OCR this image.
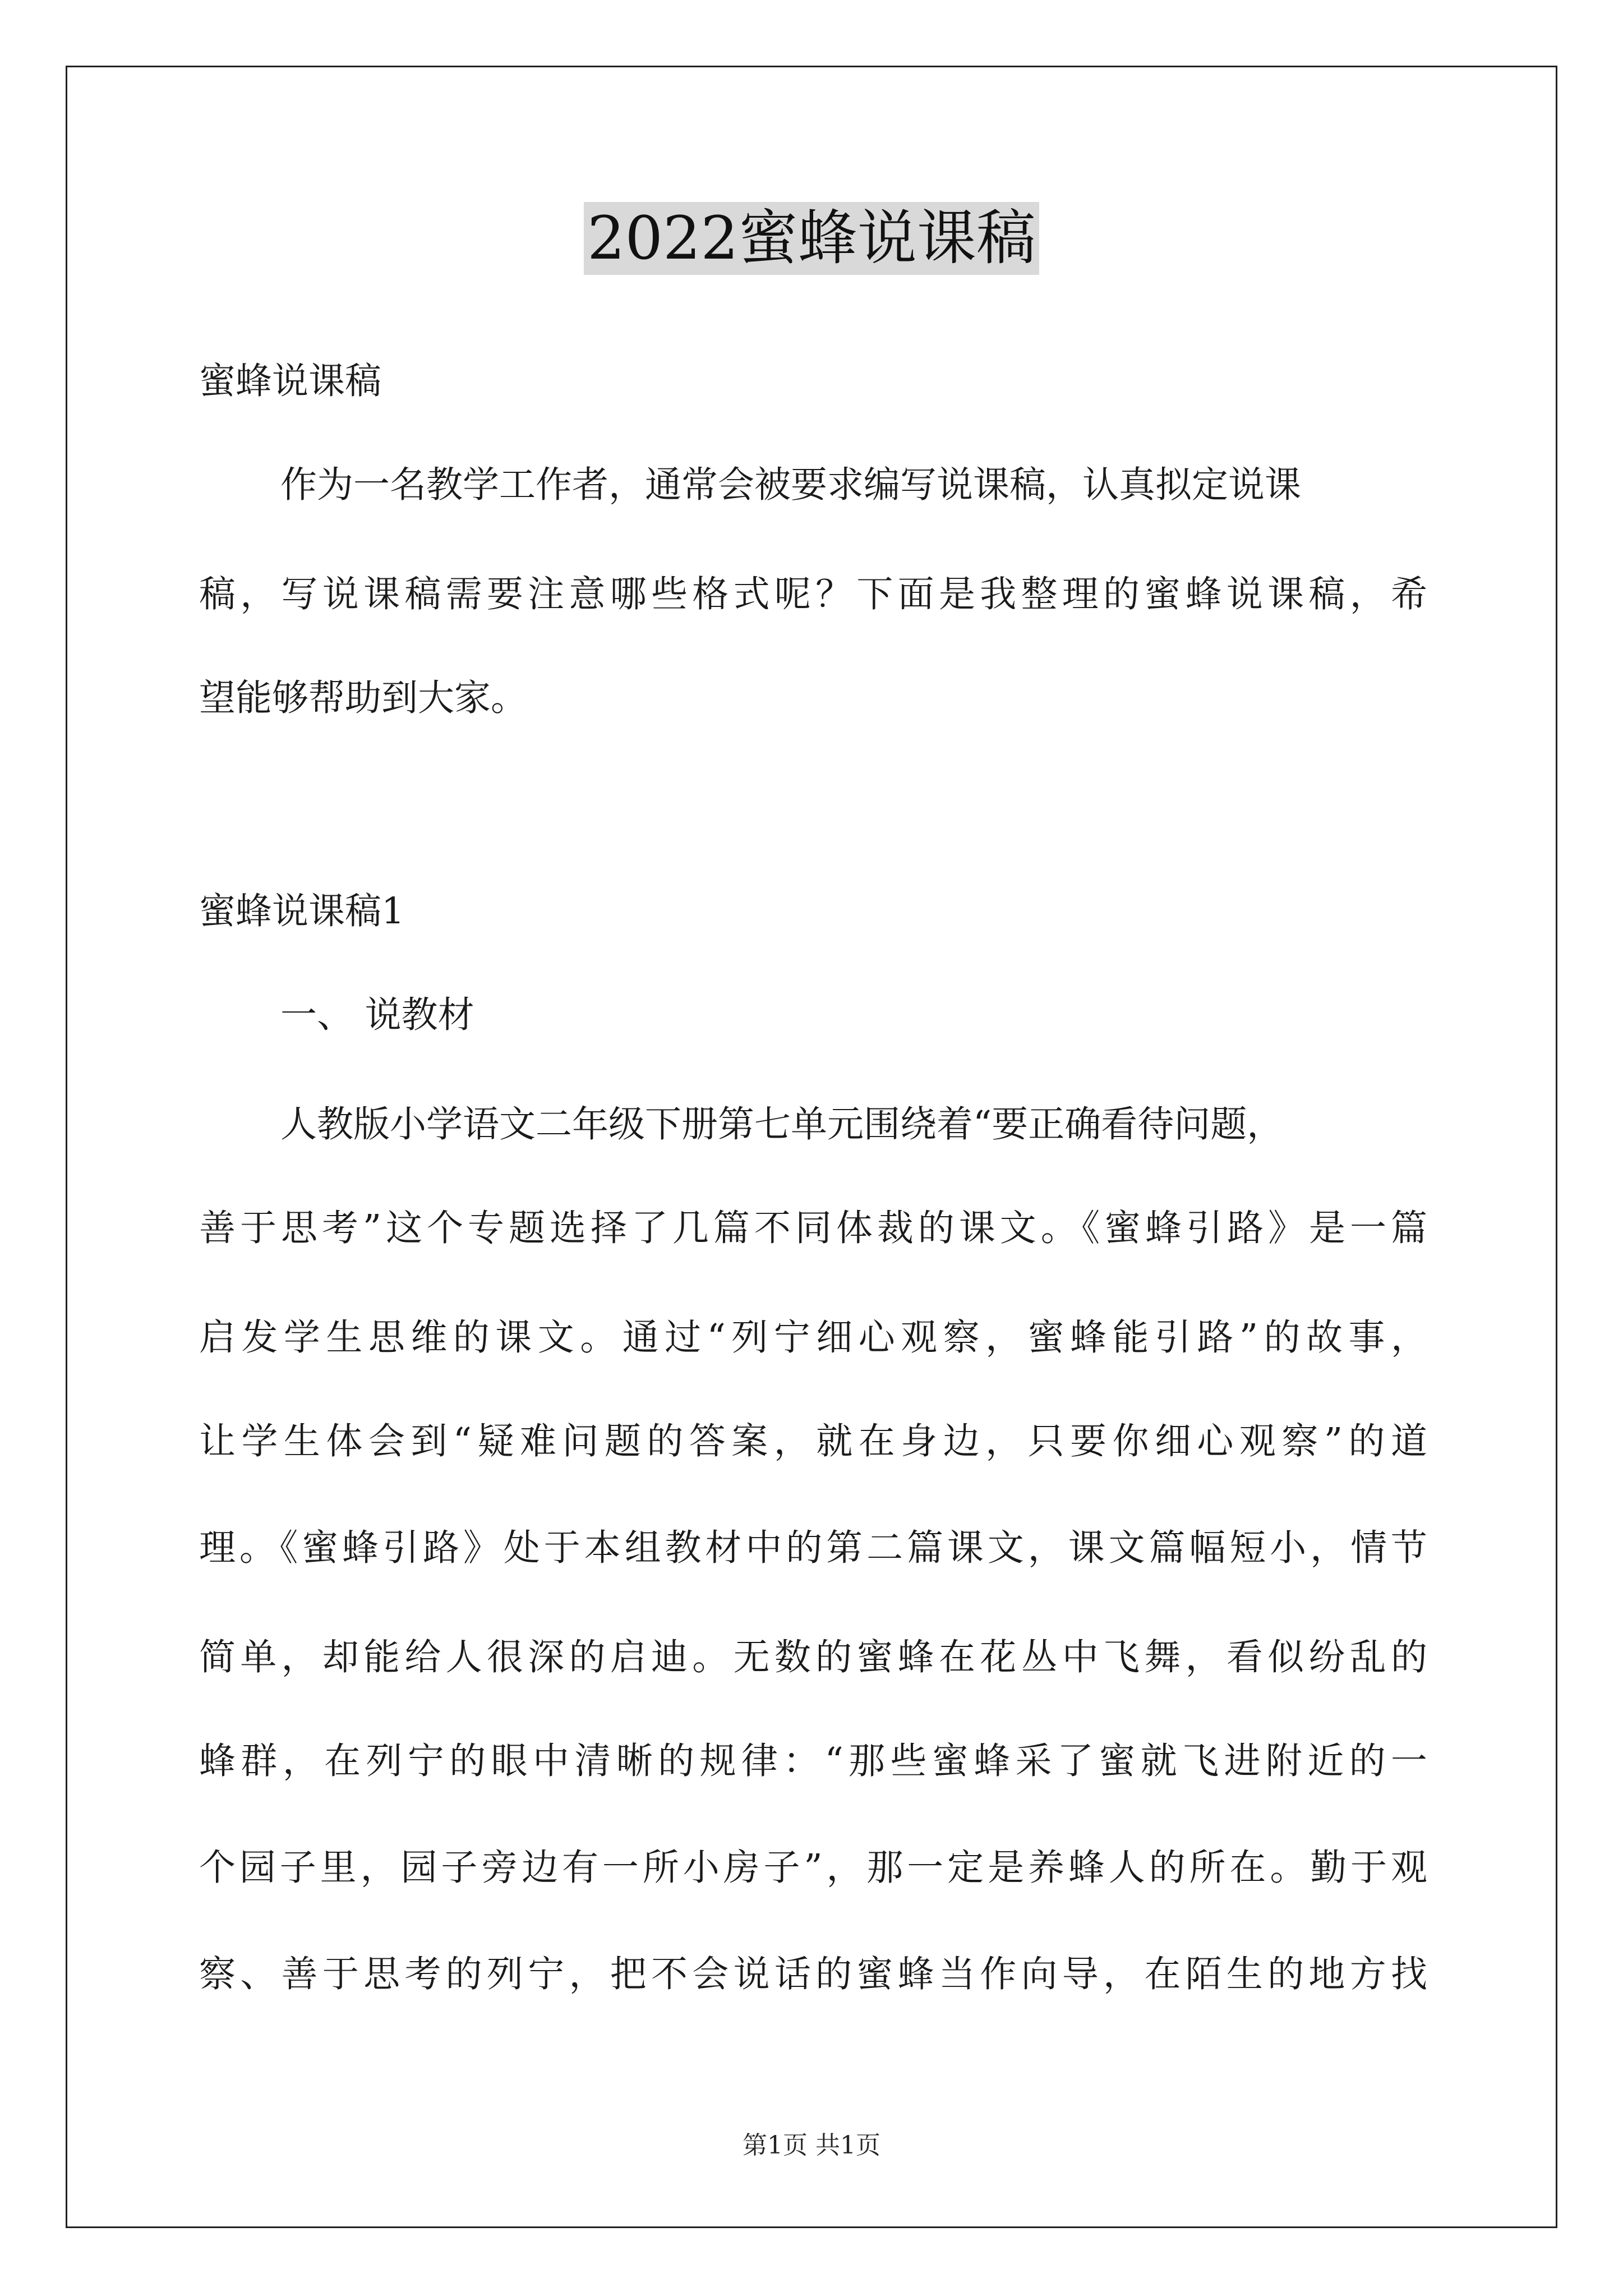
2022蜜蜂说课稿
蜜蜂说课稿
作为一名教学工作者，通常会被要求编写说课稿，认真拟定说课
稿，写说课稿需要注意哪些格式呢？下面是我整理的蜜蜂说课稿，希
望能够帮助到大家。
蜜蜂说课稿1
一、 说教材
人教版小学语文二年级下册第七单元围绕着“要正确看待问题，
善于思考”这个专题选择了几篇不同体裁的课文。《蜜蜂引路》是一篇
启发学生思维的课文。通过“列宁细心观察，蜜蜂能引路”的故事，
让学生体会到“疑难问题的答案，就在身边，只要你细心观察”的道
理。《蜜蜂引路》处于本组教材中的第二篇课文，课文篇幅短小，情节
简单，却能给人很深的启迪。无数的蜜蜂在花丛中飞舞，看似纷乱的
蜂群，在列宁的眼中清晰的规律：“那些蜜蜂采了蜜就飞进附近的一
个园子里，园子旁边有一所小房子”，那一定是养蜂人的所在。勤于观
察、善于思考的列宁，把不会说话的蜜蜂当作向导，在陌生的地方找
第1页 共1页
